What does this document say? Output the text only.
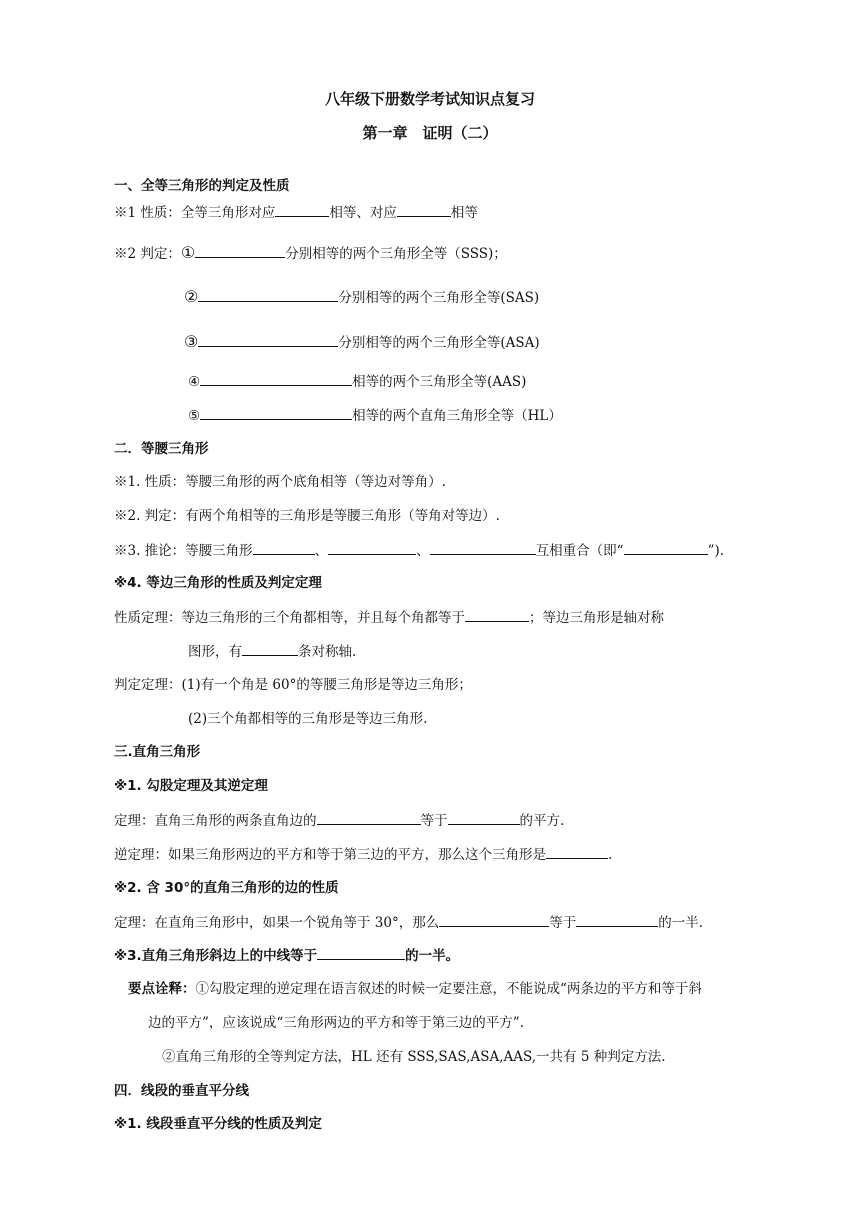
八年级下册数学考试知识点复习
第一章　证明（二）
一、全等三角形的判定及性质
※1 性质：全等三角形对应	相等、对应	相等
※2 判定：①	分别相等的两个三角形全等（SSS)；
②	分别相等的两个三角形全等(SAS)
③	分别相等的两个三角形全等(ASA)
④	相等的两个三角形全等(AAS)
⑤	相等的两个直角三角形全等（HL）
二．等腰三角形
※1. 性质：等腰三角形的两个底角相等（等边对等角）.
※2. 判定：有两个角相等的三角形是等腰三角形（等角对等边）.
※3. 推论：等腰三角形	、	、	互相重合（即“	”).
※4. 等边三角形的性质及判定定理
性质定理：等边三角形的三个角都相等，并且每个角都等于	；等边三角形是轴对称
图形，有	条对称轴.
判定定理：(1)有一个角是 60°的等腰三角形是等边三角形；
(2)三个角都相等的三角形是等边三角形.
三.直角三角形
※1. 勾股定理及其逆定理
定理：直角三角形的两条直角边的	等于	的平方.
逆定理：如果三角形两边的平方和等于第三边的平方，那么这个三角形是	.
※2. 含 30°的直角三角形的边的性质
定理：在直角三角形中，如果一个锐角等于 30°，那么	等于	的一半.
※3.直角三角形斜边上的中线等于	的一半。
要点诠释：①勾股定理的逆定理在语言叙述的时候一定要注意，不能说成“两条边的平方和等于斜
边的平方”，应该说成“三角形两边的平方和等于第三边的平方”.
②直角三角形的全等判定方法，HL 还有 SSS,SAS,ASA,AAS,一共有 5 种判定方法.
四．线段的垂直平分线
※1. 线段垂直平分线的性质及判定
